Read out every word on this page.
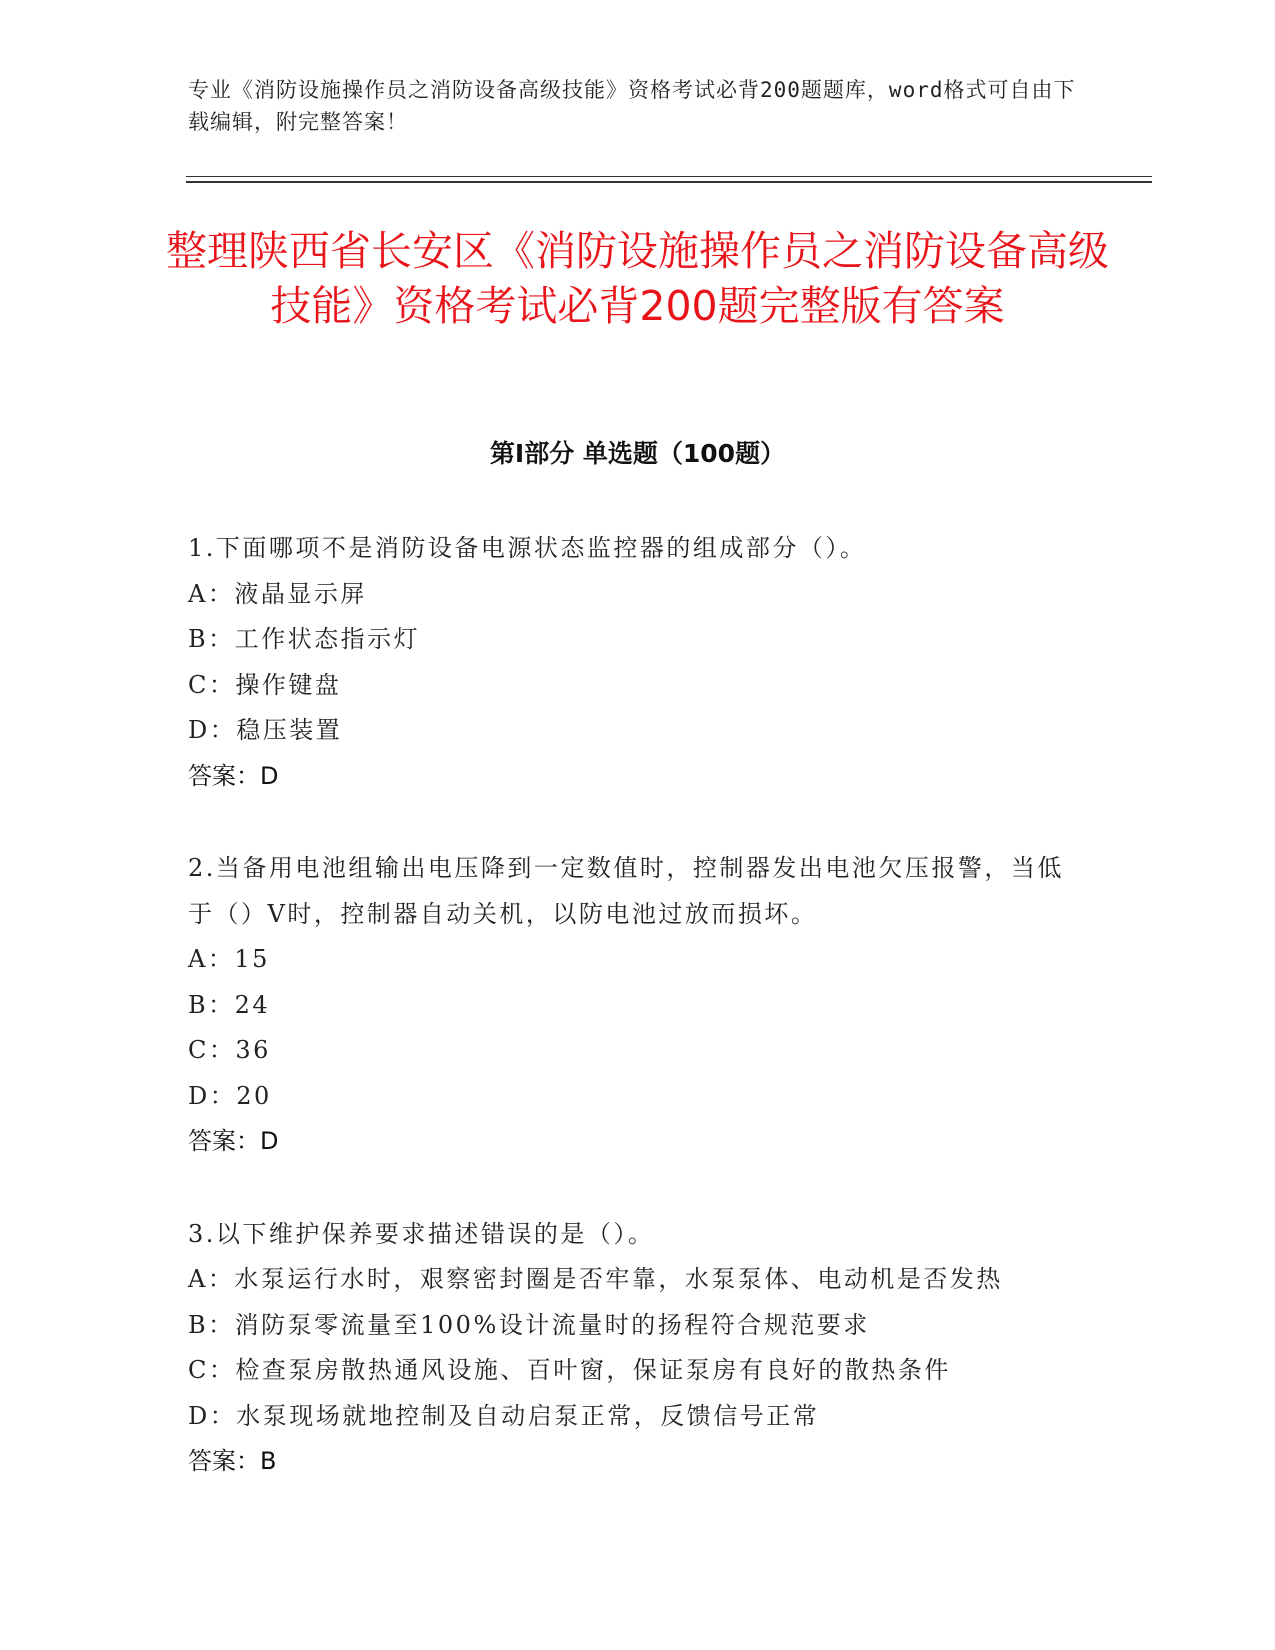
专业《消防设施操作员之消防设备高级技能》资格考试必背200题题库，word格式可自由下载编辑，附完整答案！
整理陕西省长安区《消防设施操作员之消防设备高级技能》资格考试必背200题完整版有答案
第Ⅰ部分 单选题（100题）
1.下面哪项不是消防设备电源状态监控器的组成部分（）。
A：液晶显示屏
B：工作状态指示灯
C：操作键盘
D：稳压装置
答案：D
2.当备用电池组输出电压降到一定数值时，控制器发出电池欠压报警，当低于（）V时，控制器自动关机，以防电池过放而损坏。
A：15
B：24
C：36
D：20
答案：D
3.以下维护保养要求描述错误的是（）。
A：水泵运行水时，艰察密封圈是否牢靠，水泵泵体、电动机是否发热
B：消防泵零流量至100%设计流量时的扬程符合规范要求
C：检查泵房散热通风设施、百叶窗，保证泵房有良好的散热条件
D：水泵现场就地控制及自动启泵正常，反馈信号正常
答案：B
